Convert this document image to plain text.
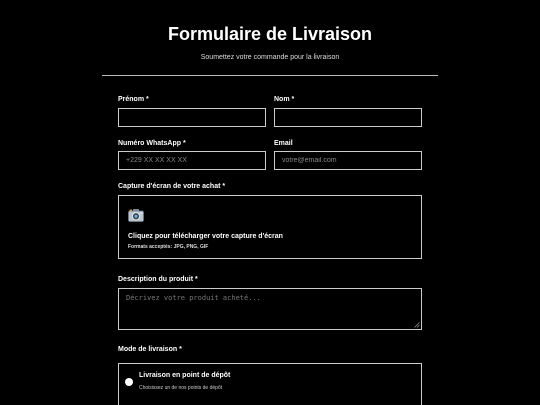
Formulaire de Livraison
Soumettez votre commande pour la livraison
Prénom *	Nom *
Numéro WhatsApp *
+229 XX XX XX XX	Email
votre@email.com
Capture d'écran de votre achat *
Cliquez pour télécharger votre capture d'écran
Formats acceptés: JPG, PNG, GIF
Description du produit *
Décrivez votre produit acheté...
Mode de livraison *
Livraison en point de dépôt
Choisissez un de nos points de dépôt
